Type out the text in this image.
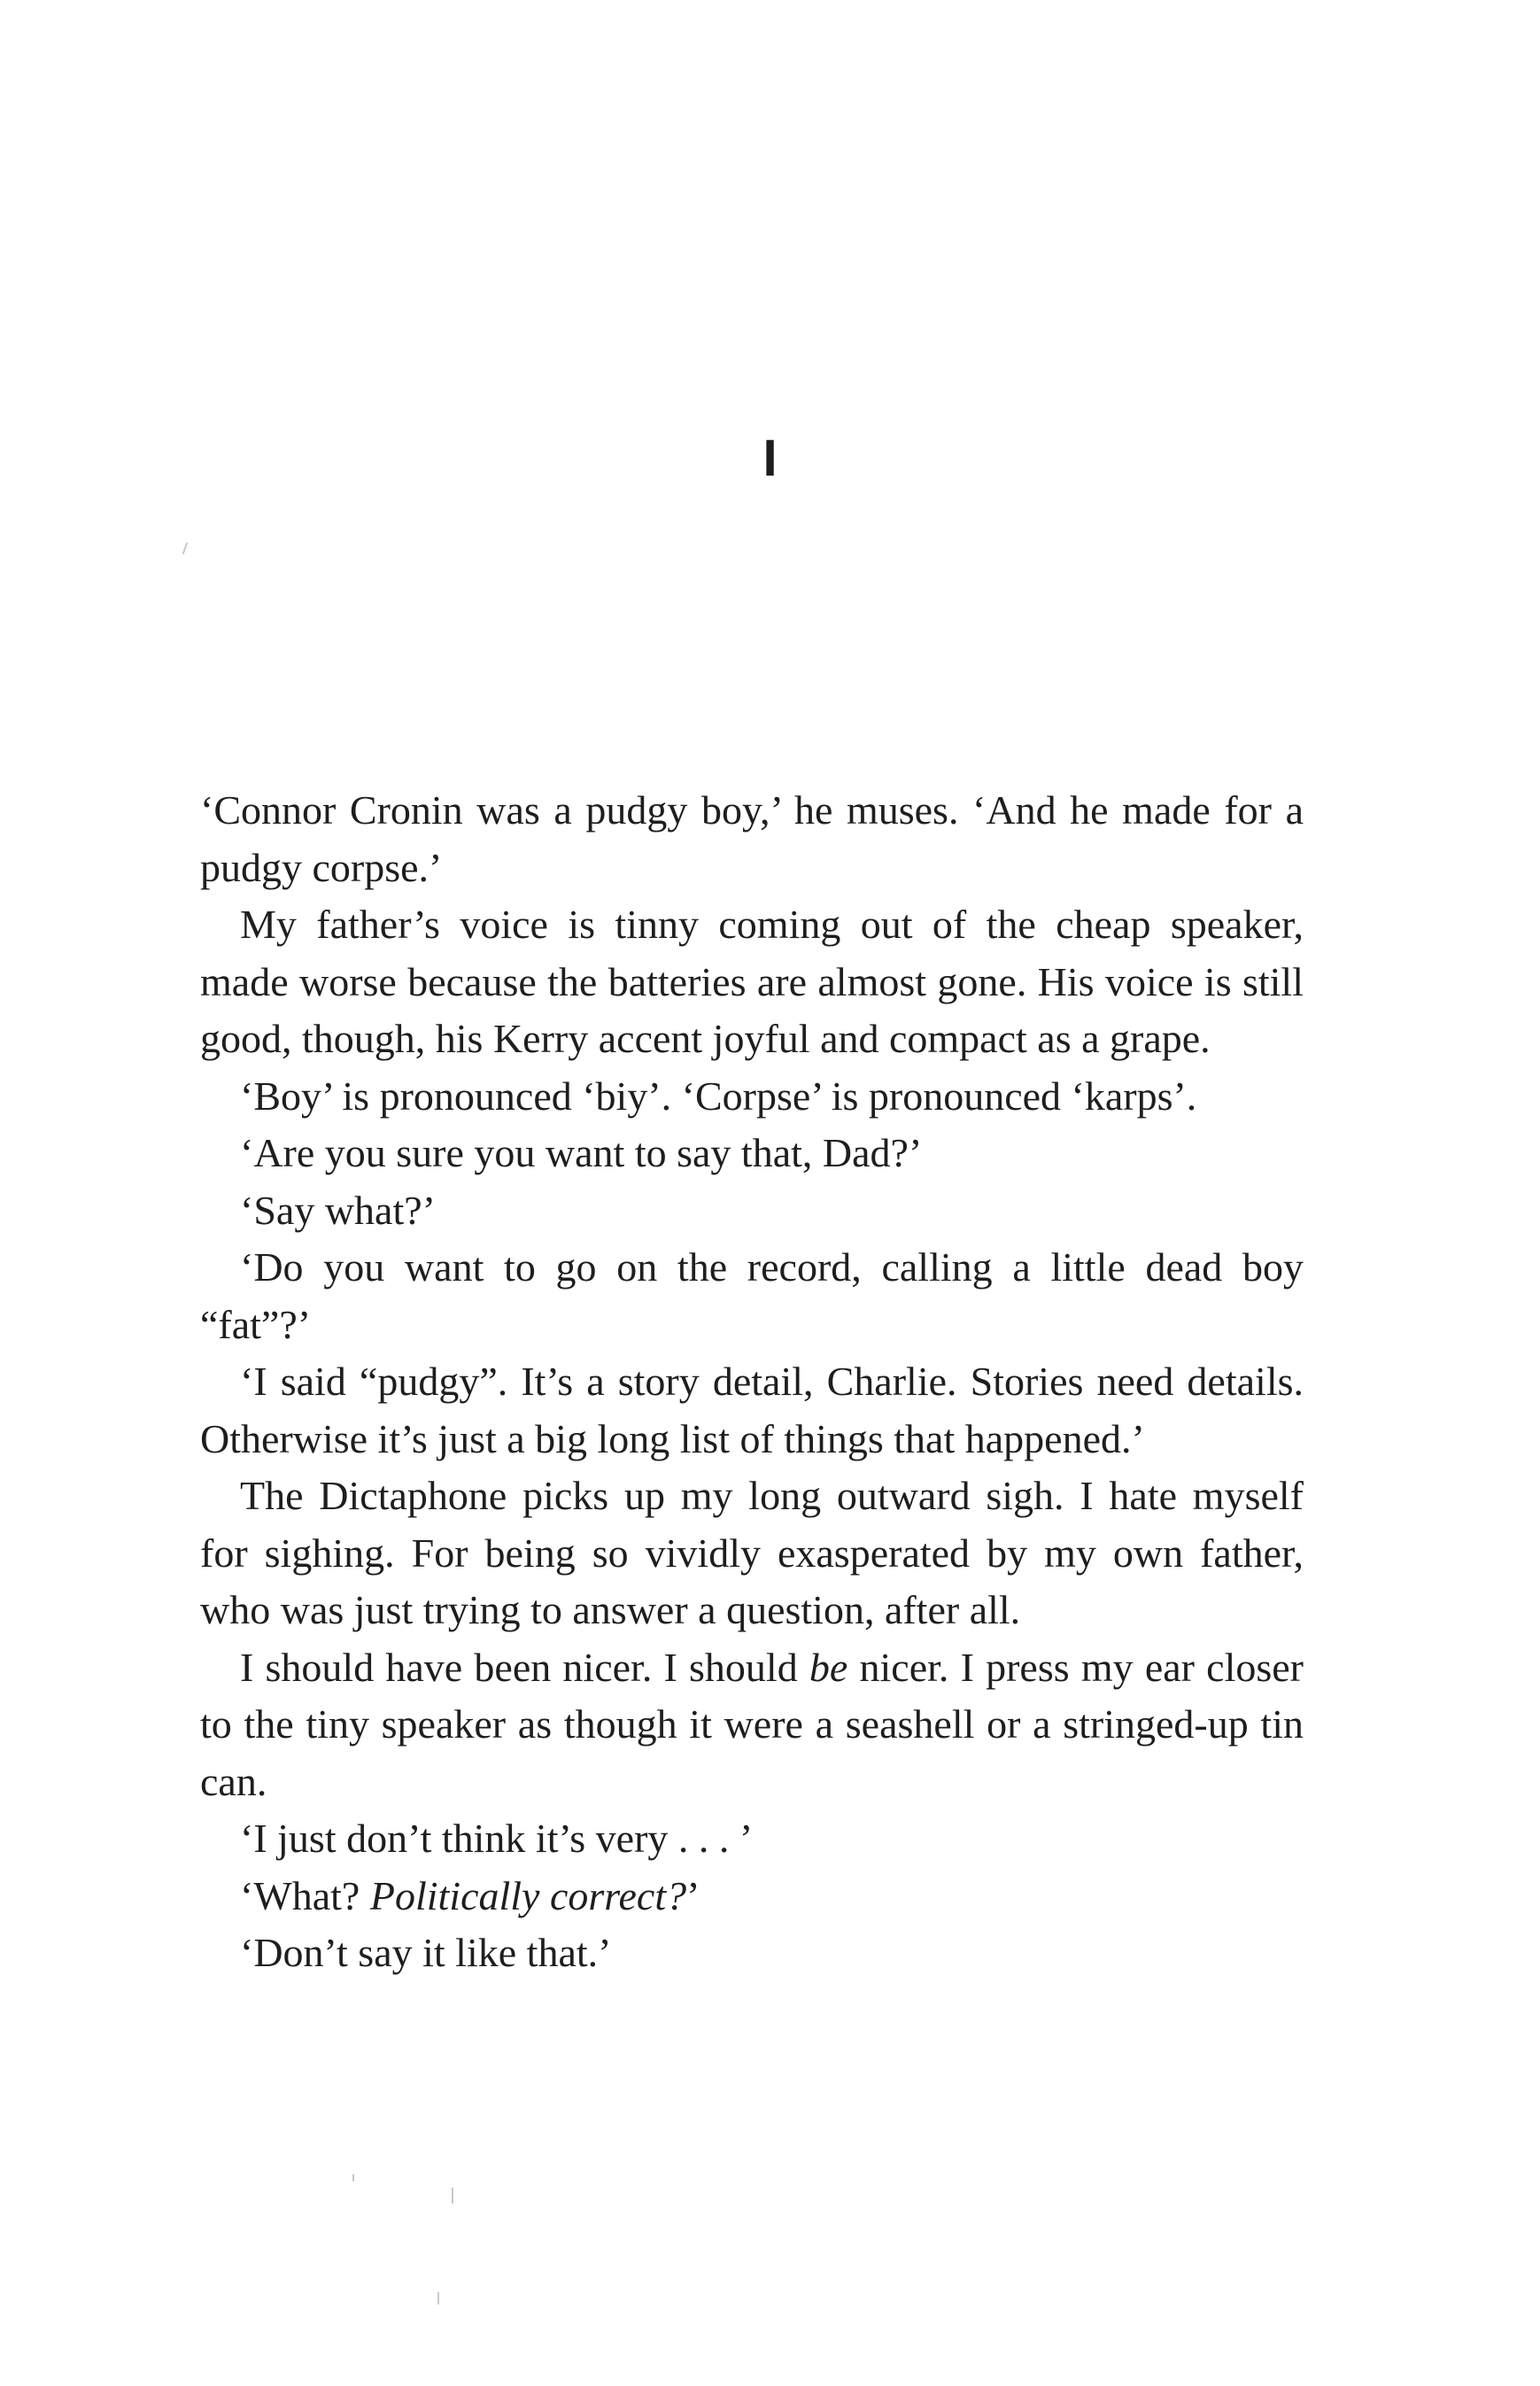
I

‘Connor Cronin was a pudgy boy,’ he muses. ‘And he made for a pudgy corpse.’

My father’s voice is tinny coming out of the cheap speaker, made worse because the batteries are almost gone. His voice is still good, though, his Kerry accent joyful and compact as a grape.

‘Boy’ is pronounced ‘biy’. ‘Corpse’ is pronounced ‘karps’.

‘Are you sure you want to say that, Dad?’

‘Say what?’

‘Do you want to go on the record, calling a little dead boy “fat”?’

‘I said “pudgy”. It’s a story detail, Charlie. Stories need details. Otherwise it’s just a big long list of things that happened.’

The Dictaphone picks up my long outward sigh. I hate myself for sighing. For being so vividly exasperated by my own father, who was just trying to answer a question, after all.

I should have been nicer. I should be nicer. I press my ear closer to the tiny speaker as though it were a seashell or a stringed-up tin can.

‘I just don’t think it’s very . . . ’

‘What? Politically correct?’

‘Don’t say it like that.’
